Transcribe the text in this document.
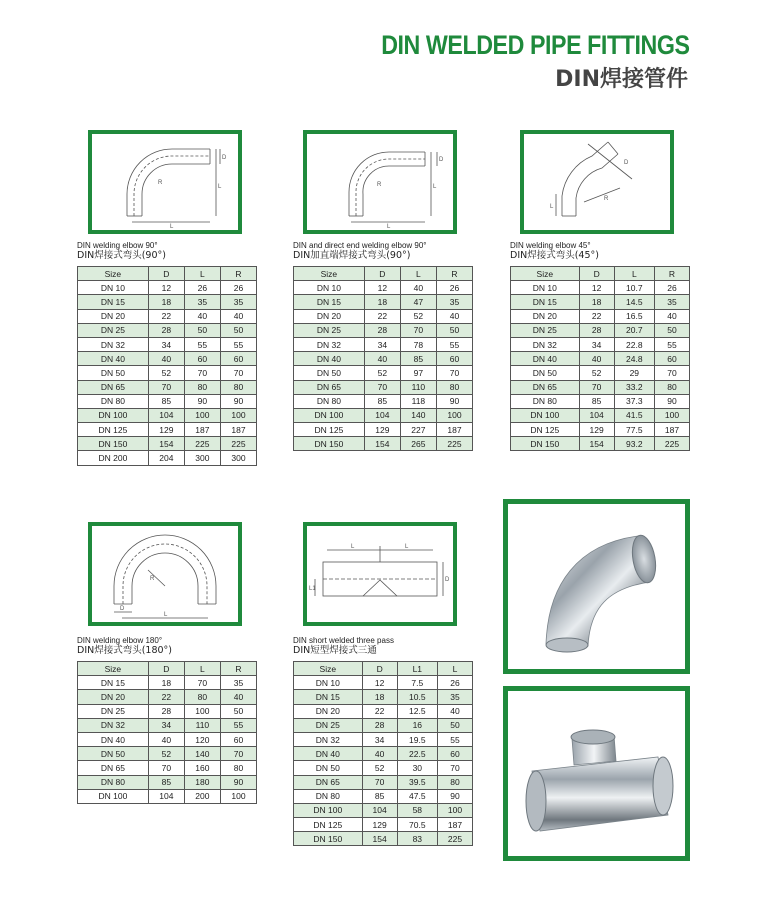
DIN WELDED PIPE FITTINGS
DIN焊接管件
L
L
D
R
L
L
D
R
L
D
R
DIN welding elbow 90°
DIN焊接式弯头(90°)
Size	D	L	R
DN 10	12	26	26
DN 15	18	35	35
DN 20	22	40	40
DN 25	28	50	50
DN 32	34	55	55
DN 40	40	60	60
DN 50	52	70	70
DN 65	70	80	80
DN 80	85	90	90
DN 100	104	100	100
DN 125	129	187	187
DN 150	154	225	225
DN 200	204	300	300
DIN and direct end welding elbow 90°
DIN加直端焊接式弯头(90°)
Size	D	L	R
DN 10	12	40	26
DN 15	18	47	35
DN 20	22	52	40
DN 25	28	70	50
DN 32	34	78	55
DN 40	40	85	60
DN 50	52	97	70
DN 65	70	110	80
DN 80	85	118	90
DN 100	104	140	100
DN 125	129	227	187
DN 150	154	265	225
DIN welding elbow 45°
DIN焊接式弯头(45°)
Size	D	L	R
DN 10	12	10.7	26
DN 15	18	14.5	35
DN 20	22	16.5	40
DN 25	28	20.7	50
DN 32	34	22.8	55
DN 40	40	24.8	60
DN 50	52	29	70
DN 65	70	33.2	80
DN 80	85	37.3	90
DN 100	104	41.5	100
DN 125	129	77.5	187
DN 150	154	93.2	225
D
L
R
L	L
D
L1
DIN welding elbow 180°
DIN焊接式弯头(180°)
Size	D	L	R
DN 15	18	70	35
DN 20	22	80	40
DN 25	28	100	50
DN 32	34	110	55
DN 40	40	120	60
DN 50	52	140	70
DN 65	70	160	80
DN 80	85	180	90
DN 100	104	200	100
DIN short welded three pass
DIN短型焊接式三通
Size	D	L1	L
DN 10	12	7.5	26
DN 15	18	10.5	35
DN 20	22	12.5	40
DN 25	28	16	50
DN 32	34	19.5	55
DN 40	40	22.5	60
DN 50	52	30	70
DN 65	70	39.5	80
DN 80	85	47.5	90
DN 100	104	58	100
DN 125	129	70.5	187
DN 150	154	83	225
